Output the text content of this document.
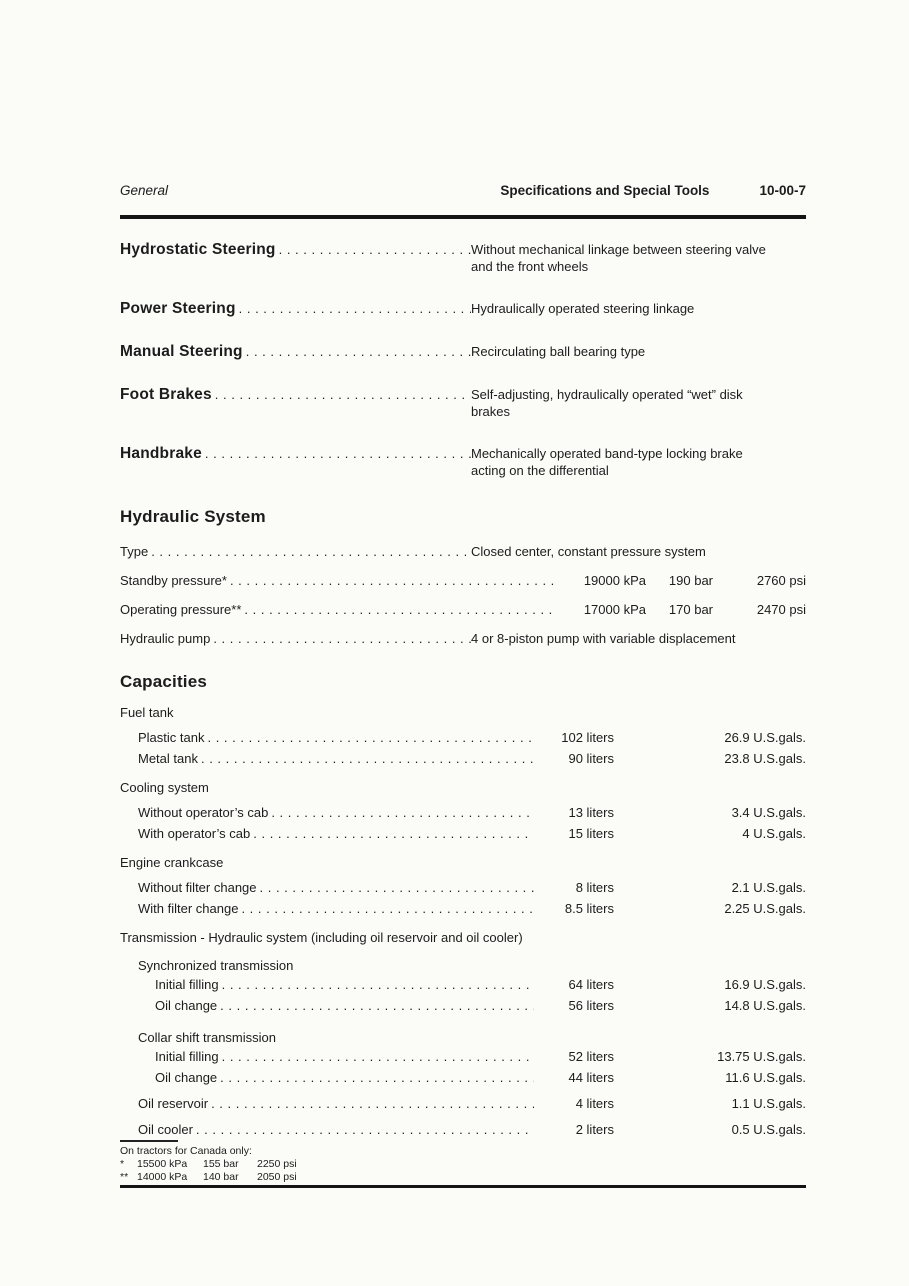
General	Specifications and Special Tools	10-00-7
Hydrostatic Steering . . .	Without mechanical linkage between steering valve
and the front wheels
Power Steering . . .	Hydraulically operated steering linkage
Manual Steering . . .	Recirculating ball bearing type
Foot Brakes . . .	Self-adjusting, hydraulically operated “wet” disk
brakes
Handbrake . . .	Mechanically operated band-type locking brake
acting on the differential
Hydraulic System
Type . . .	Closed center, constant pressure system
Standby pressure* . . .	19000 kPa	190 bar	2760 psi
Operating pressure** . . .	17000 kPa	170 bar	2470 psi
Hydraulic pump . . .	4 or 8-piston pump with variable displacement
Capacities
Fuel tank
Plastic tank . . .	102 liters	26.9 U.S.gals.
Metal tank . . .	90 liters	23.8 U.S.gals.
Cooling system
Without operator’s cab . . .	13 liters	3.4 U.S.gals.
With operator’s cab . . .	15 liters	4 U.S.gals.
Engine crankcase
Without filter change . . .	8 liters	2.1 U.S.gals.
With filter change . . .	8.5 liters	2.25 U.S.gals.
Transmission - Hydraulic system (including oil reservoir and oil cooler)
Synchronized transmission
Initial filling . . .	64 liters	16.9 U.S.gals.
Oil change . . .	56 liters	14.8 U.S.gals.
Collar shift transmission
Initial filling . . .	52 liters	13.75 U.S.gals.
Oil change . . .	44 liters	11.6 U.S.gals.
Oil reservoir . . .	4 liters	1.1 U.S.gals.
Oil cooler . . .	2 liters	0.5 U.S.gals.
On tractors for Canada only:
*	15500 kPa	155 bar	2250 psi
** 14000 kPa	140 bar	2050 psi
